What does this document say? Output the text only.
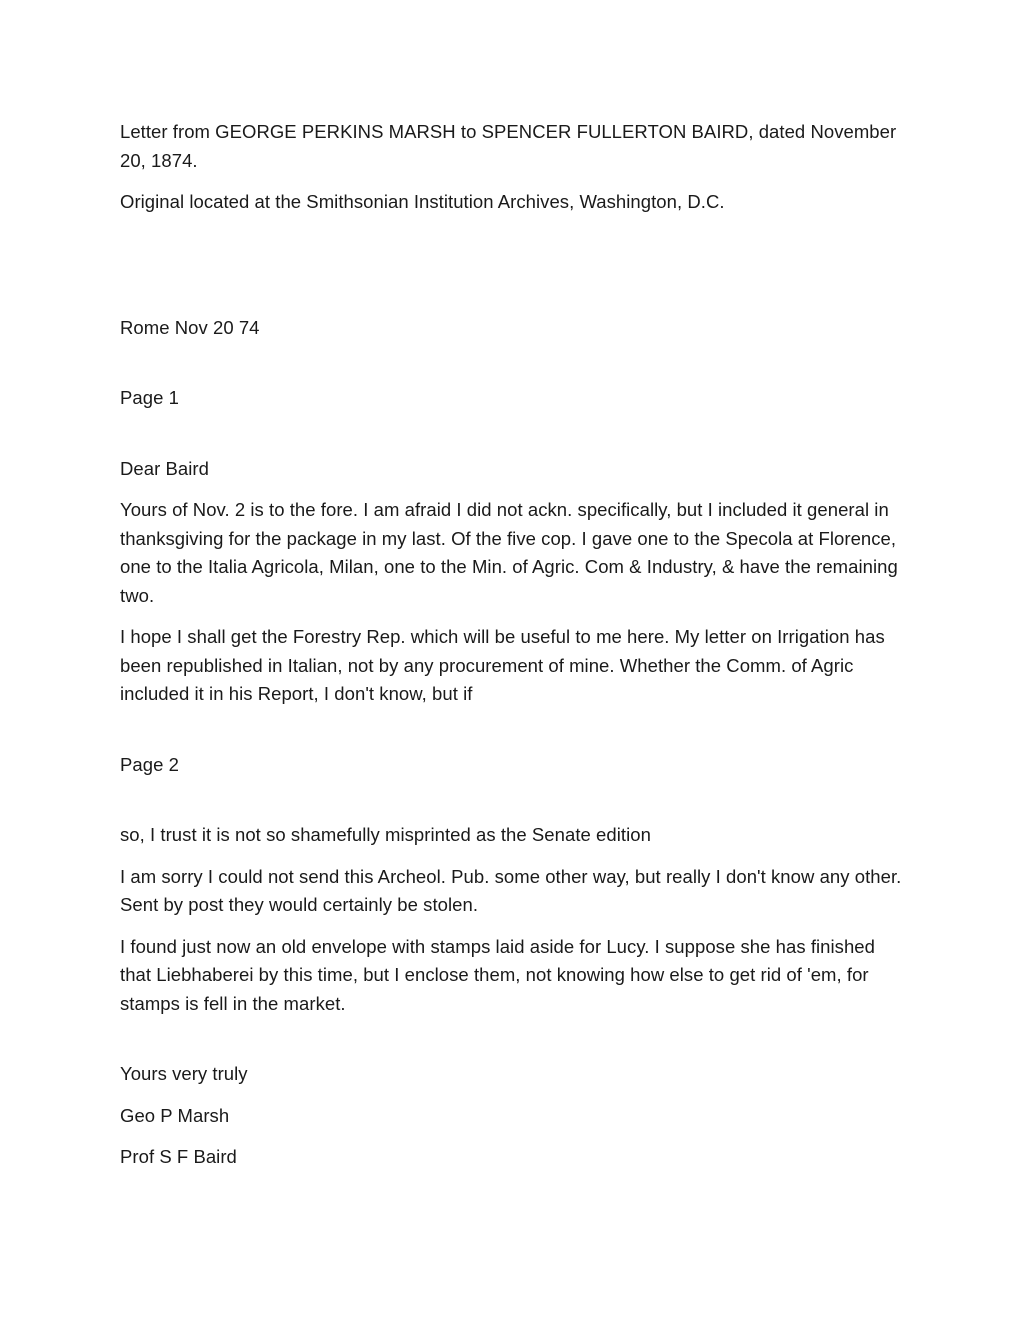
Letter from GEORGE PERKINS MARSH to SPENCER FULLERTON BAIRD, dated November 20, 1874.

Original located at the Smithsonian Institution Archives, Washington, D.C.

Rome Nov 20 74

Page 1

Dear Baird

Yours of Nov. 2 is to the fore. I am afraid I did not ackn. specifically, but I included it general in thanksgiving for the package in my last. Of the five cop. I gave one to the Specola at Florence, one to the Italia Agricola, Milan, one to the Min. of Agric. Com & Industry, & have the remaining two.

I hope I shall get the Forestry Rep. which will be useful to me here. My letter on Irrigation has been republished in Italian, not by any procurement of mine. Whether the Comm. of Agric included it in his Report, I don't know, but if

Page 2

so, I trust it is not so shamefully misprinted as the Senate edition

I am sorry I could not send this Archeol. Pub. some other way, but really I don't know any other. Sent by post they would certainly be stolen.

I found just now an old envelope with stamps laid aside for Lucy. I suppose she has finished that Liebhaberei by this time, but I enclose them, not knowing how else to get rid of 'em, for stamps is fell in the market.

Yours very truly

Geo P Marsh

Prof S F Baird
